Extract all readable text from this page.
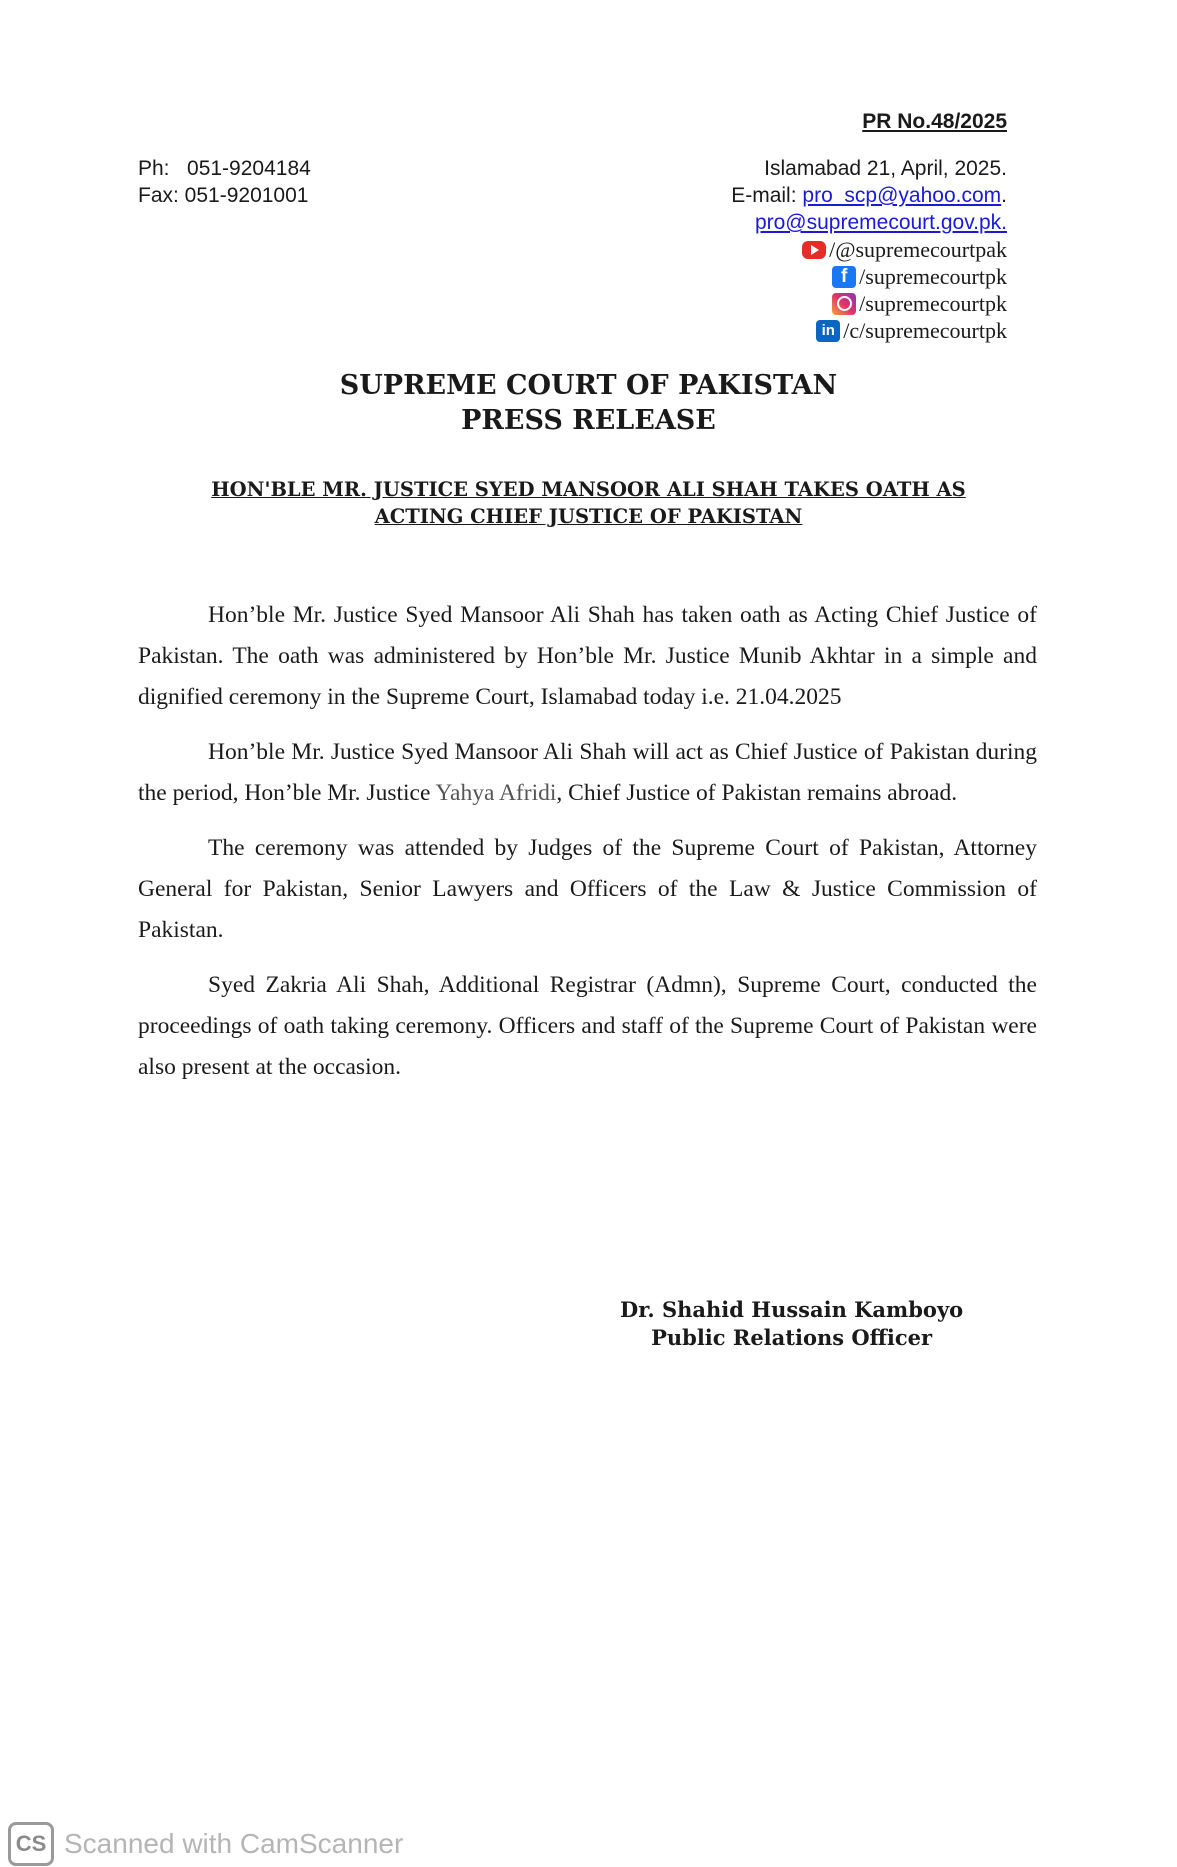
PR No.48/2025
Ph:   051-9204184
Fax: 051-9201001
Islamabad 21, April, 2025.
E-mail: pro_scp@yahoo.com.
pro@supremecourt.gov.pk.
/@supremecourtpak
f /supremecourtpk
/supremecourtpk
in /c/supremecourtpk
SUPREME COURT OF PAKISTAN
PRESS RELEASE
HON'BLE MR. JUSTICE SYED MANSOOR ALI SHAH TAKES OATH AS
ACTING CHIEF JUSTICE OF PAKISTAN

Hon’ble Mr. Justice Syed Mansoor Ali Shah has taken oath as Acting Chief Justice of Pakistan. The oath was administered by Hon’ble Mr. Justice Munib Akhtar in a simple and dignified ceremony in the Supreme Court, Islamabad today i.e. 21.04.2025

Hon’ble Mr. Justice Syed Mansoor Ali Shah will act as Chief Justice of Pakistan during the period, Hon’ble Mr. Justice Yahya Afridi, Chief Justice of Pakistan remains abroad.

The ceremony was attended by Judges of the Supreme Court of Pakistan, Attorney General for Pakistan, Senior Lawyers and Officers of the Law & Justice Commission of Pakistan.

Syed Zakria Ali Shah, Additional Registrar (Admn), Supreme Court, conducted the proceedings of oath taking ceremony. Officers and staff of the Supreme Court of Pakistan were also present at the occasion.

Dr. Shahid Hussain Kamboyo
Public Relations Officer
CS Scanned with CamScanner
